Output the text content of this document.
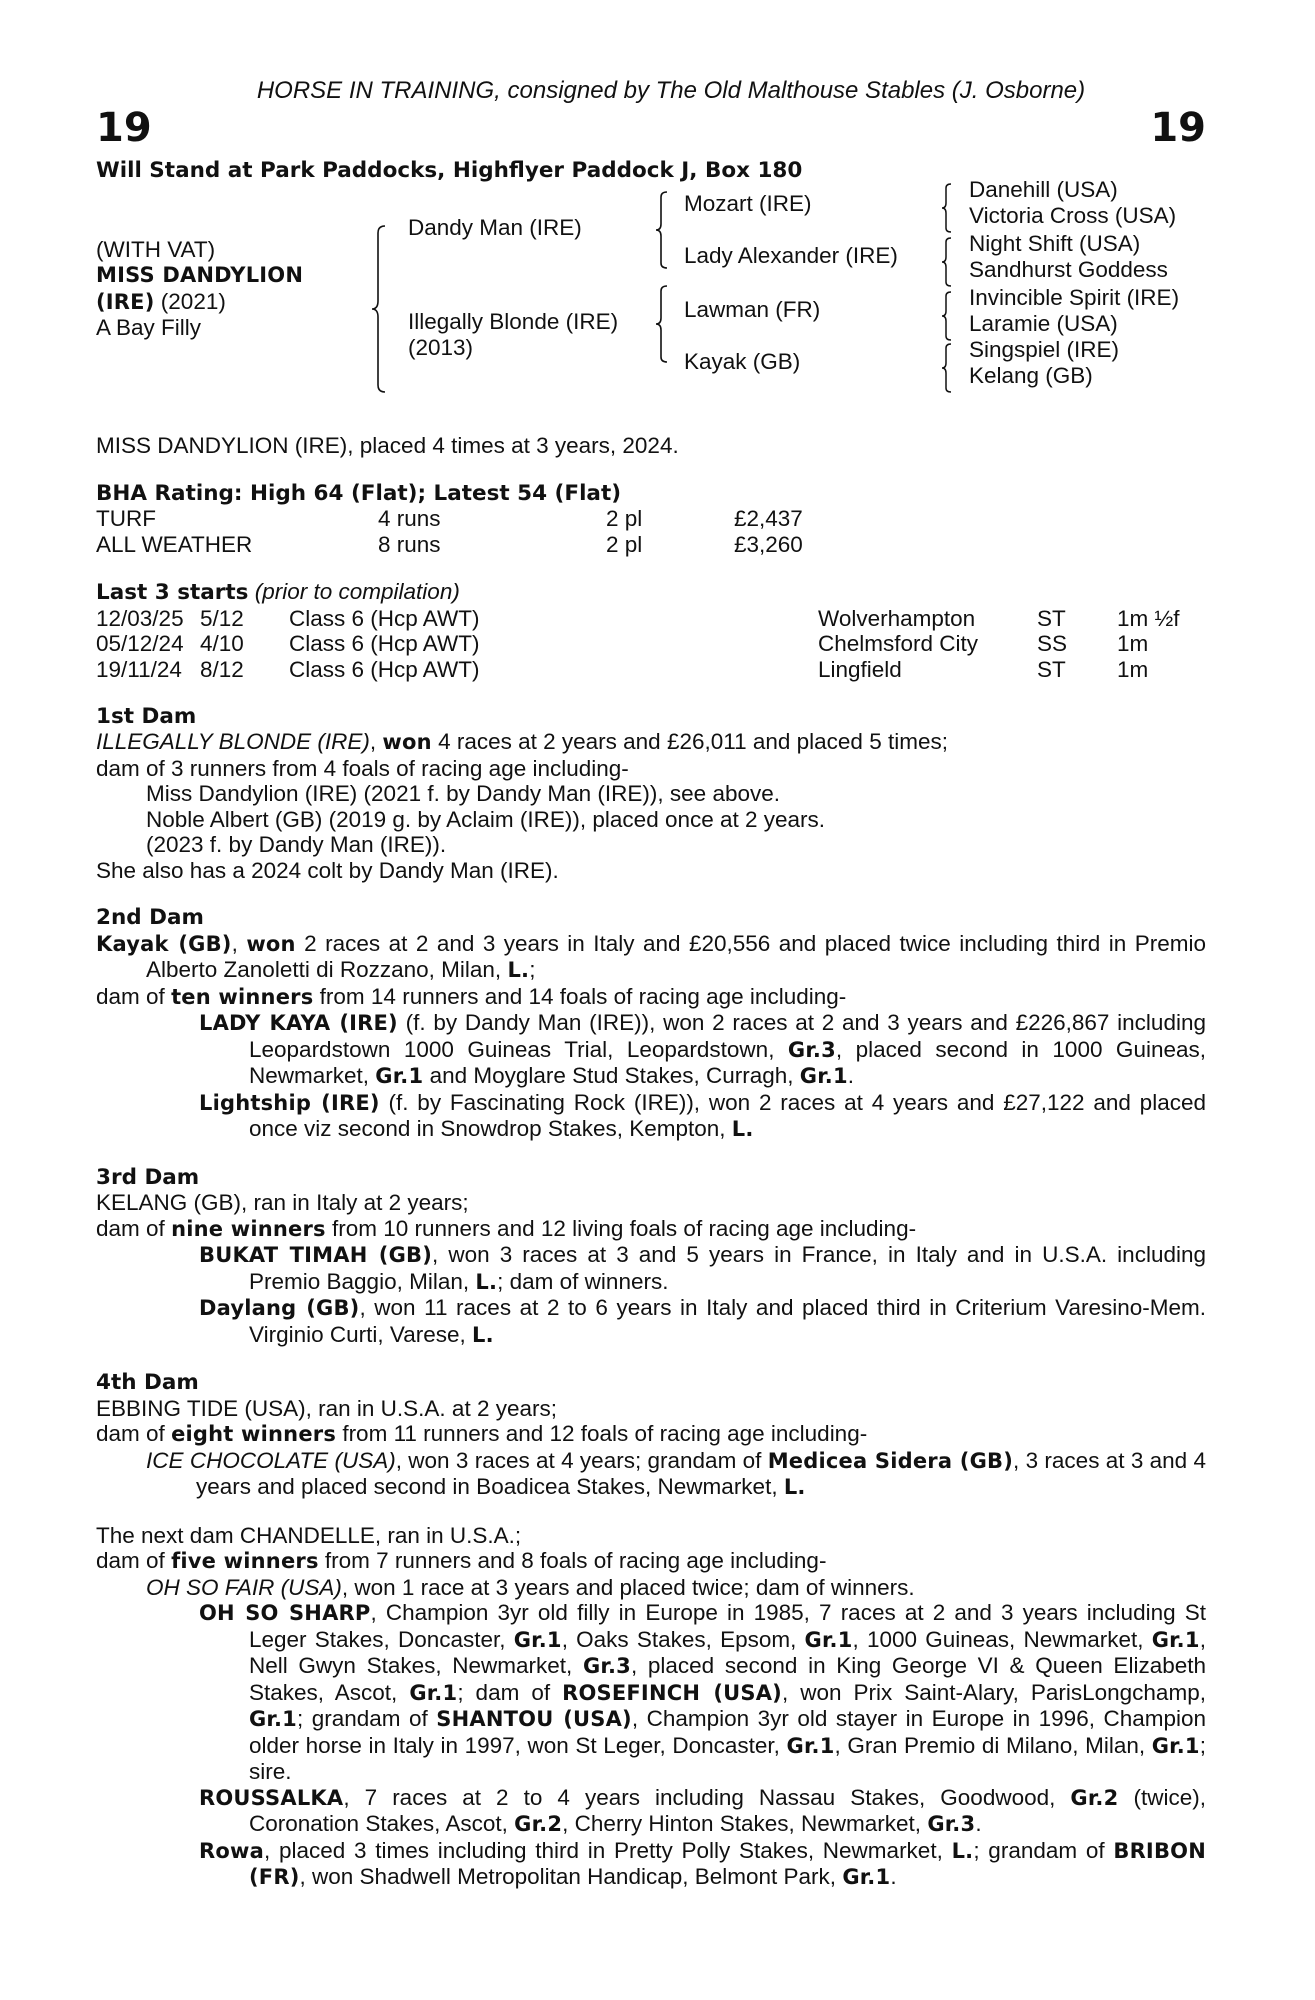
HORSE IN TRAINING, consigned by The Old Malthouse Stables (J. Osborne)
19	19
Will Stand at Park Paddocks, Highflyer Paddock J, Box 180
(WITH VAT)
MISS DANDYLION
(IRE) (2021)
A Bay Filly
Dandy Man (IRE)
Illegally Blonde (IRE)
(2013)
Mozart (IRE)
Lady Alexander (IRE)
Lawman (FR)
Kayak (GB)
Danehill (USA)
Victoria Cross (USA)
Night Shift (USA)
Sandhurst Goddess
Invincible Spirit (IRE)
Laramie (USA)
Singspiel (IRE)
Kelang (GB)
MISS DANDYLION (IRE), placed 4 times at 3 years, 2024.
BHA Rating: High 64 (Flat); Latest 54 (Flat)
TURF	4 runs	2 pl	£2,437
ALL WEATHER	8 runs	2 pl	£3,260
Last 3 starts (prior to compilation)
12/03/25 5/12 Class 6 (Hcp AWT)	Wolverhampton	ST 1m ½f
05/12/24 4/10 Class 6 (Hcp AWT)	Chelmsford City	SS 1m
19/11/24 8/12 Class 6 (Hcp AWT)	Lingfield	ST 1m
1st Dam
ILLEGALLY BLONDE (IRE), won 4 races at 2 years and £26,011 and placed 5 times;
dam of 3 runners from 4 foals of racing age including-
Miss Dandylion (IRE) (2021 f. by Dandy Man (IRE)), see above.
Noble Albert (GB) (2019 g. by Aclaim (IRE)), placed once at 2 years.
(2023 f. by Dandy Man (IRE)).
She also has a 2024 colt by Dandy Man (IRE).
2nd Dam
Kayak (GB), won 2 races at 2 and 3 years in Italy and £20,556 and placed twice including third in Premio Alberto Zanoletti di Rozzano, Milan, L.;
dam of ten winners from 14 runners and 14 foals of racing age including-
LADY KAYA (IRE) (f. by Dandy Man (IRE)), won 2 races at 2 and 3 years and £226,867 including Leopardstown 1000 Guineas Trial, Leopardstown, Gr.3, placed second in 1000 Guineas, Newmarket, Gr.1 and Moyglare Stud Stakes, Curragh, Gr.1.
Lightship (IRE) (f. by Fascinating Rock (IRE)), won 2 races at 4 years and £27,122 and placed once viz second in Snowdrop Stakes, Kempton, L.
3rd Dam
KELANG (GB), ran in Italy at 2 years;
dam of nine winners from 10 runners and 12 living foals of racing age including-
BUKAT TIMAH (GB), won 3 races at 3 and 5 years in France, in Italy and in U.S.A. including Premio Baggio, Milan, L.; dam of winners.
Daylang (GB), won 11 races at 2 to 6 years in Italy and placed third in Criterium Varesino-Mem. Virginio Curti, Varese, L.
4th Dam
EBBING TIDE (USA), ran in U.S.A. at 2 years;
dam of eight winners from 11 runners and 12 foals of racing age including-
ICE CHOCOLATE (USA), won 3 races at 4 years; grandam of Medicea Sidera (GB), 3 races at 3 and 4 years and placed second in Boadicea Stakes, Newmarket, L.
The next dam CHANDELLE, ran in U.S.A.;
dam of five winners from 7 runners and 8 foals of racing age including-
OH SO FAIR (USA), won 1 race at 3 years and placed twice; dam of winners.
OH SO SHARP, Champion 3yr old filly in Europe in 1985, 7 races at 2 and 3 years including St Leger Stakes, Doncaster, Gr.1, Oaks Stakes, Epsom, Gr.1, 1000 Guineas, Newmarket, Gr.1, Nell Gwyn Stakes, Newmarket, Gr.3, placed second in King George VI & Queen Elizabeth Stakes, Ascot, Gr.1; dam of ROSEFINCH (USA), won Prix Saint-Alary, ParisLongchamp, Gr.1; grandam of SHANTOU (USA), Champion 3yr old stayer in Europe in 1996, Champion older horse in Italy in 1997, won St Leger, Doncaster, Gr.1, Gran Premio di Milano, Milan, Gr.1; sire.
ROUSSALKA, 7 races at 2 to 4 years including Nassau Stakes, Goodwood, Gr.2 (twice), Coronation Stakes, Ascot, Gr.2, Cherry Hinton Stakes, Newmarket, Gr.3.
Rowa, placed 3 times including third in Pretty Polly Stakes, Newmarket, L.; grandam of BRIBON (FR), won Shadwell Metropolitan Handicap, Belmont Park, Gr.1.
